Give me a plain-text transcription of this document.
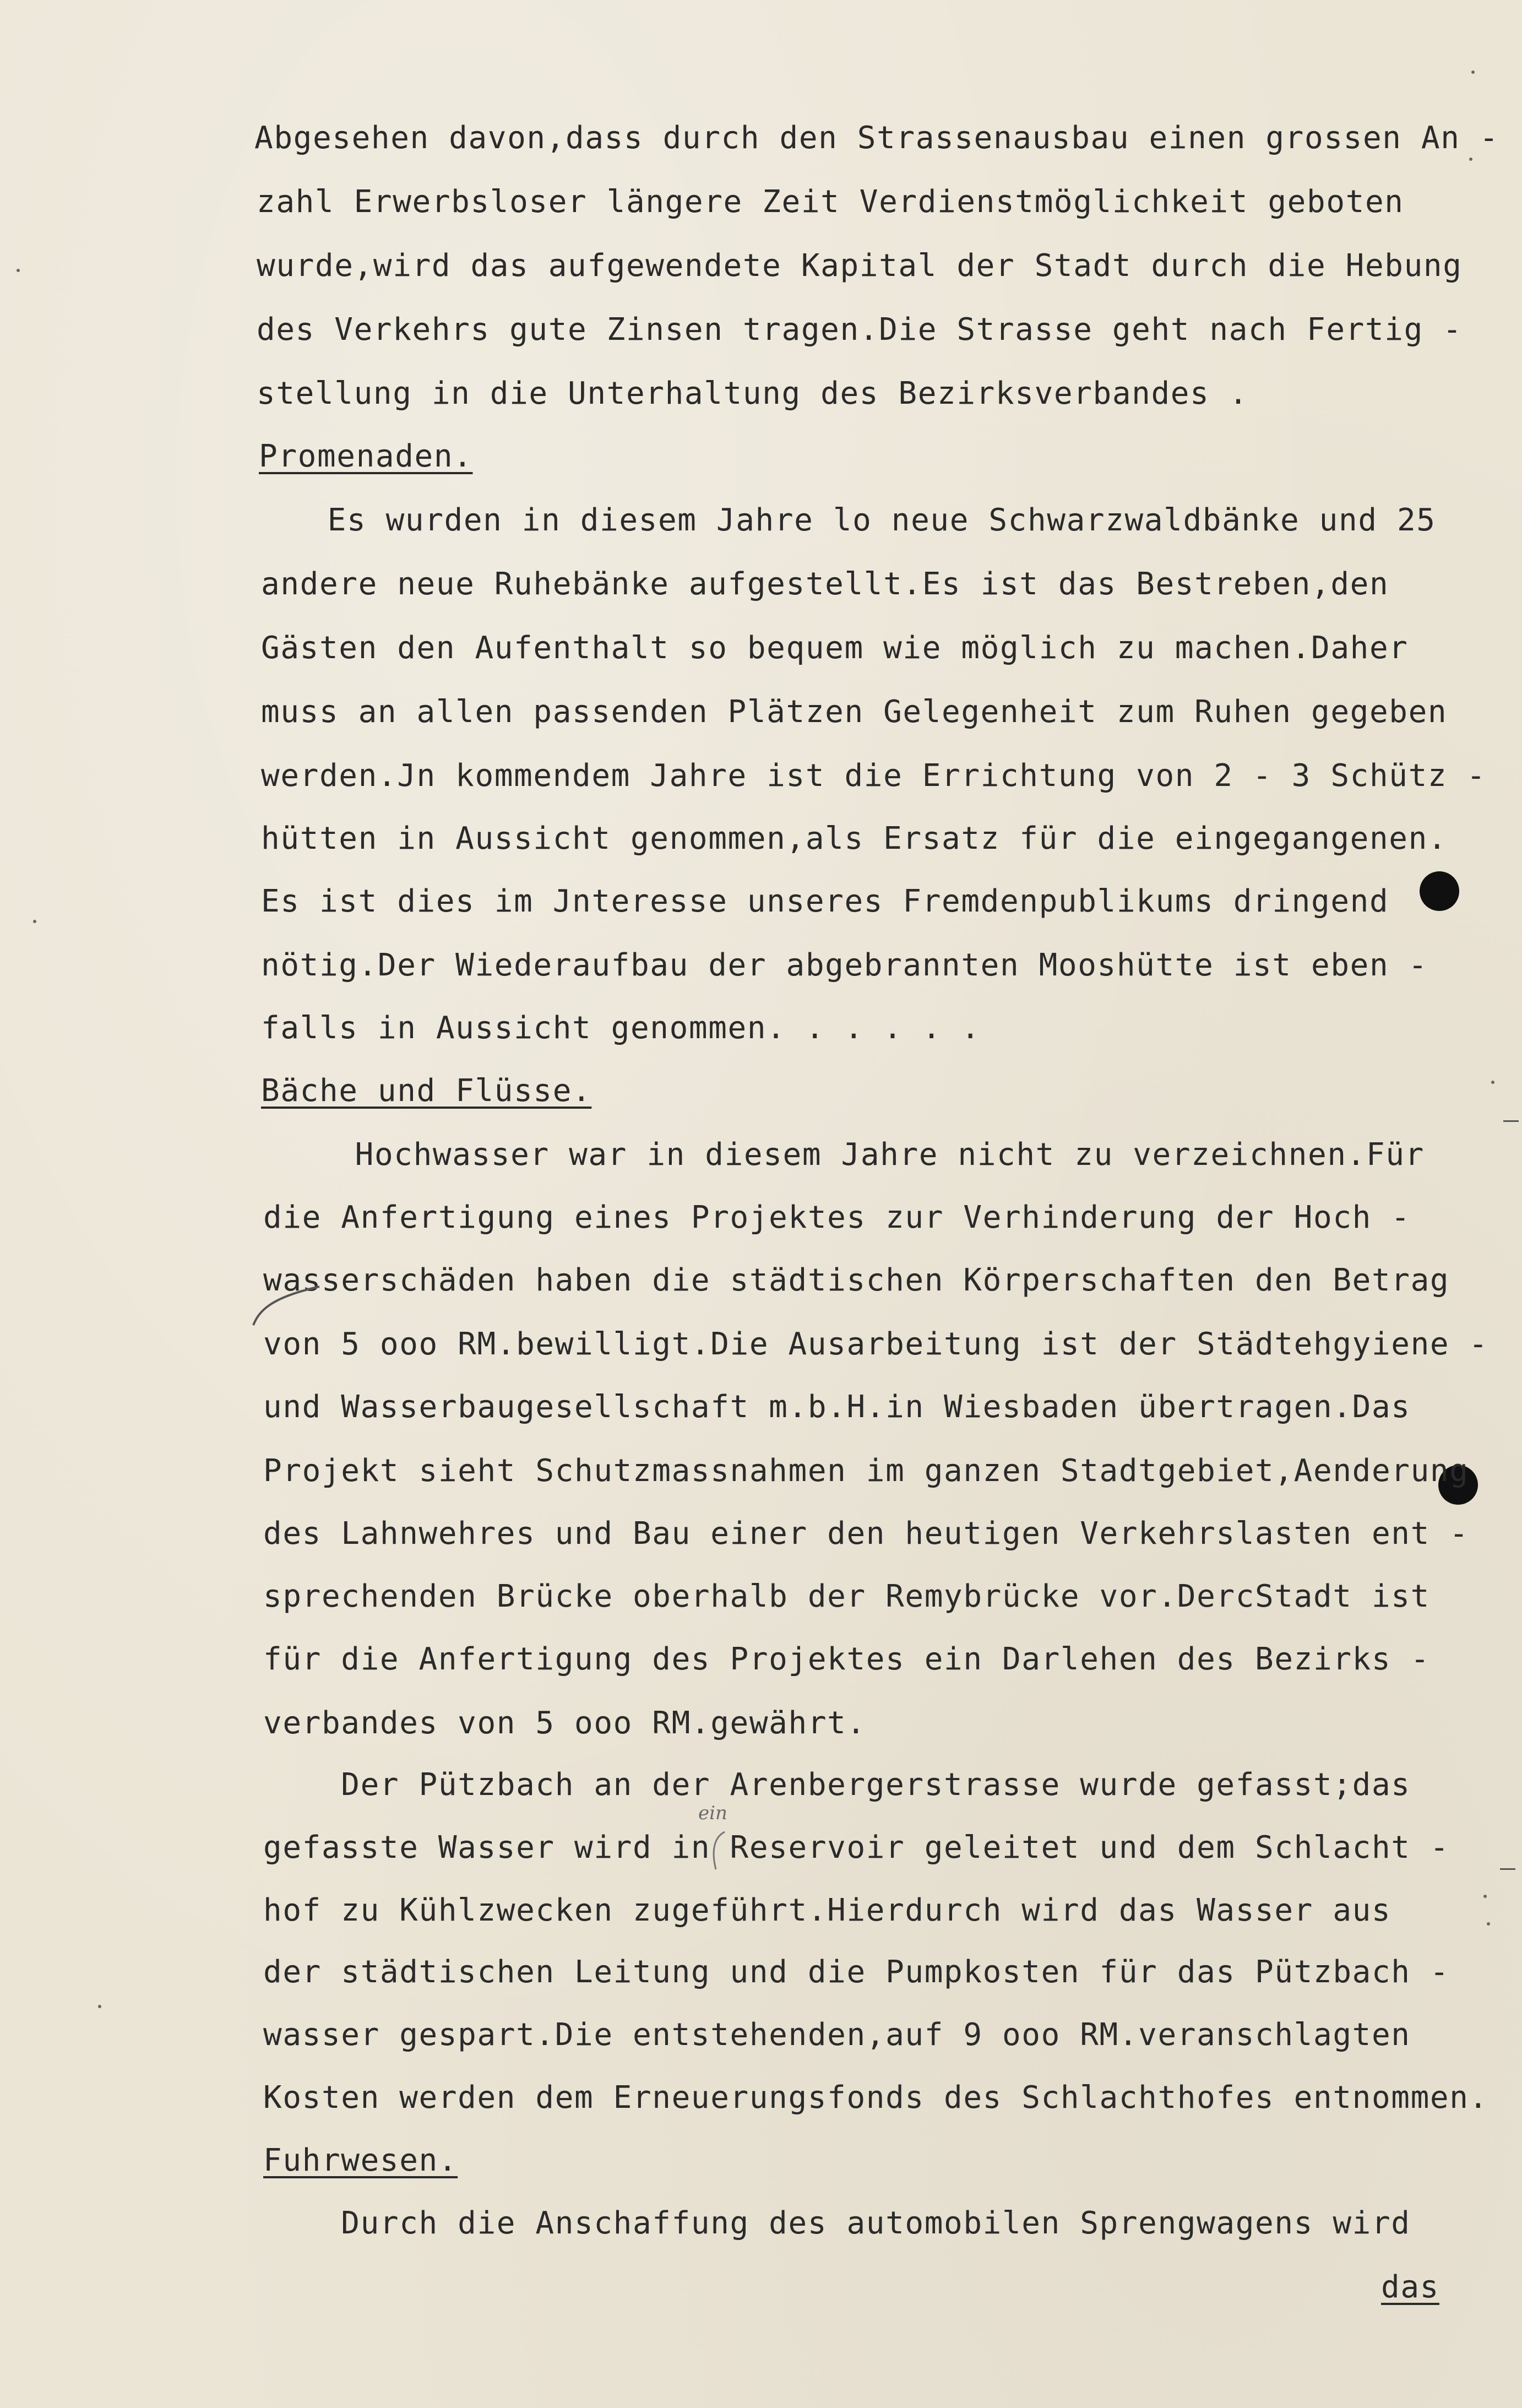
Abgesehen davon,dass durch den Strassenausbau einen grossen An -
zahl Erwerbsloser längere Zeit Verdienstmöglichkeit geboten
wurde,wird das aufgewendete Kapital der Stadt durch die Hebung
des Verkehrs gute Zinsen tragen.Die Strasse geht nach Fertig -
stellung in die Unterhaltung des Bezirksverbandes .
Promenaden.
Es wurden in diesem Jahre lo neue Schwarzwaldbänke und 25
andere neue Ruhebänke aufgestellt.Es ist das Bestreben,den
Gästen den Aufenthalt so bequem wie möglich zu machen.Daher
muss an allen passenden Plätzen Gelegenheit zum Ruhen gegeben
werden.Jn kommendem Jahre ist die Errichtung von 2 - 3 Schütz -
hütten in Aussicht genommen,als Ersatz für die eingegangenen.
Es ist dies im Jnteresse unseres Fremdenpublikums dringend
nötig.Der Wiederaufbau der abgebrannten Mooshütte ist eben -
falls in Aussicht genommen. . . . . .
Bäche und Flüsse.
Hochwasser war in diesem Jahre nicht zu verzeichnen.Für
die Anfertigung eines Projektes zur Verhinderung der Hoch -
wasserschäden haben die städtischen Körperschaften den Betrag
von 5 ooo RM.bewilligt.Die Ausarbeitung ist der Städtehgyiene -
und Wasserbaugesellschaft m.b.H.in Wiesbaden übertragen.Das
Projekt sieht Schutzmassnahmen im ganzen Stadtgebiet,Aenderung
des Lahnwehres und Bau einer den heutigen Verkehrslasten ent -
sprechenden Brücke oberhalb der Remybrücke vor.DercStadt ist
für die Anfertigung des Projektes ein Darlehen des Bezirks -
verbandes von 5 ooo RM.gewährt.
Der Pützbach an der Arenbergerstrasse wurde gefasst;das
gefasste Wasser wird in Reservoir geleitet und dem Schlacht -
hof zu Kühlzwecken zugeführt.Hierdurch wird das Wasser aus
der städtischen Leitung und die Pumpkosten für das Pützbach -
wasser gespart.Die entstehenden,auf 9 ooo RM.veranschlagten
Kosten werden dem Erneuerungsfonds des Schlachthofes entnommen.
Fuhrwesen.
Durch die Anschaffung des automobilen Sprengwagens wird
das
ein
